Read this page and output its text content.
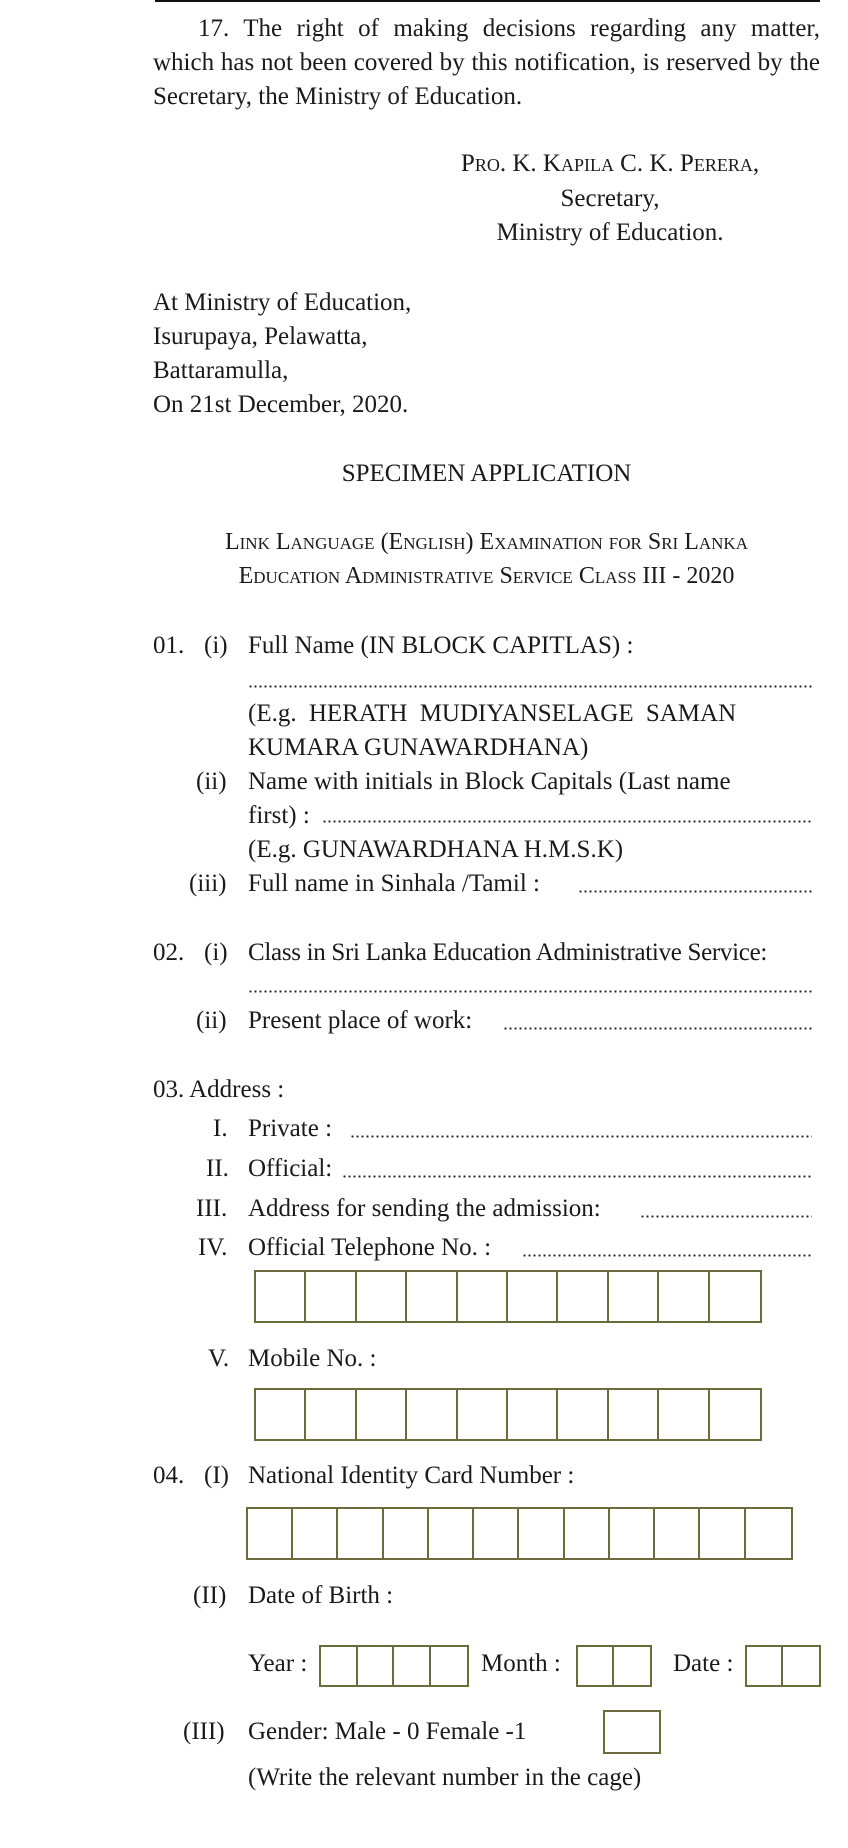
17. The right of making decisions regarding any matter, which has not been covered by this notification, is reserved by the Secretary, the Ministry of Education.
Pro. K. Kapila C. K. Perera,
Secretary,
Ministry of Education.
At Ministry of Education,
Isurupaya, Pelawatta,
Battaramulla,
On 21st December, 2020.
SPECIMEN APPLICATION
Link Language (English) Examination for Sri Lanka
Education Administrative Service Class III - 2020
01. (i) Full Name (IN BLOCK CAPITLAS) :
(E.g. HERATH MUDIYANSELAGE SAMAN
KUMARA GUNAWARDHANA)
(ii) Name with initials in Block Capitals (Last name
first) :
(E.g. GUNAWARDHANA H.M.S.K)
(iii) Full name in Sinhala /Tamil :
02. (i) Class in Sri Lanka Education Administrative Service:
(ii) Present place of work:
03. Address :
I. Private :
II. Official:
III. Address for sending the admission:
IV. Official Telephone No. :
V. Mobile No. :
04. (I) National Identity Card Number :
(II) Date of Birth :
Year :	Month :	Date :
(III) Gender: Male - 0 Female -1
(Write the relevant number in the cage)
